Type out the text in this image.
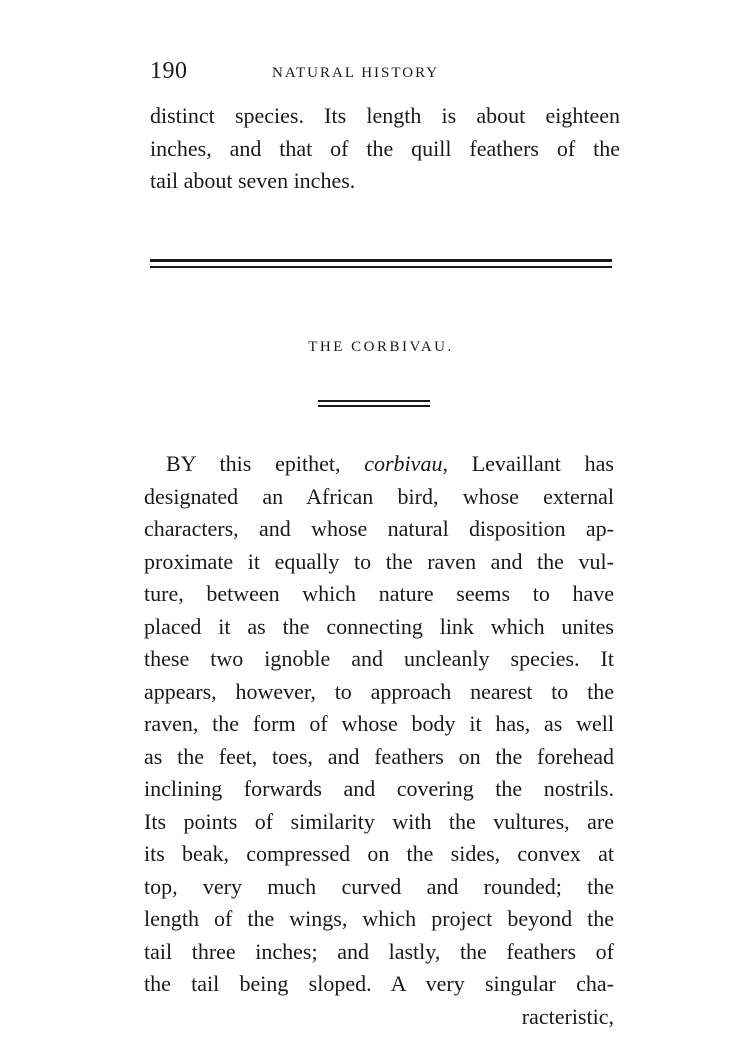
190	NATURAL HISTORY
distinct species. Its length is about eighteen
inches, and that of the quill feathers of the
tail about seven inches.
THE CORBIVAU.
BY this epithet, corbivau, Levaillant has
designated an African bird, whose external
characters, and whose natural disposition ap-
proximate it equally to the raven and the vul-
ture, between which nature seems to have
placed it as the connecting link which unites
these two ignoble and uncleanly species. It
appears, however, to approach nearest to the
raven, the form of whose body it has, as well
as the feet, toes, and feathers on the forehead
inclining forwards and covering the nostrils.
Its points of similarity with the vultures, are
its beak, compressed on the sides, convex at
top, very much curved and rounded; the
length of the wings, which project beyond the
tail three inches; and lastly, the feathers of
the tail being sloped. A very singular cha-
racteristic,
